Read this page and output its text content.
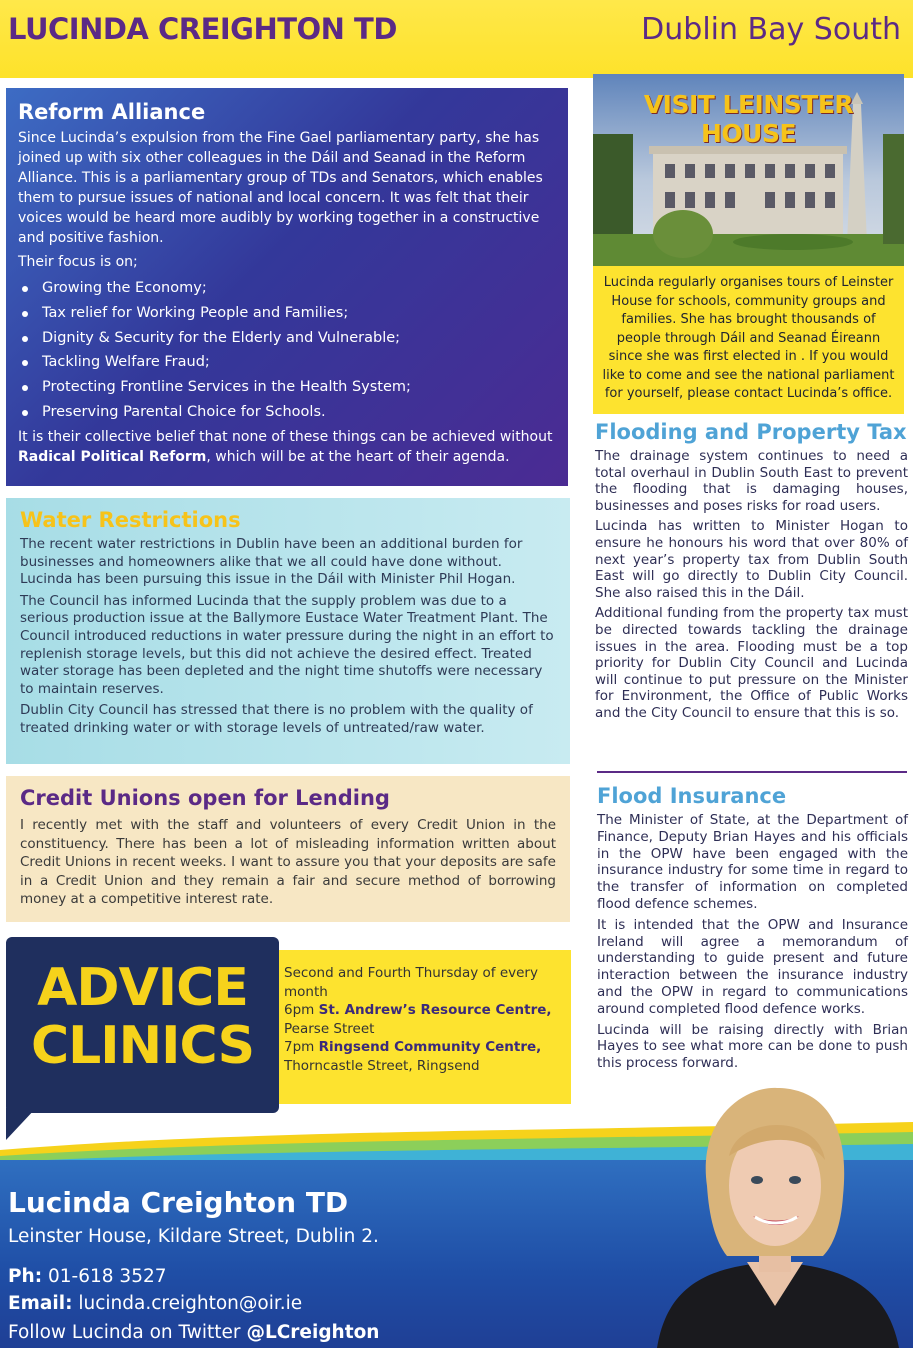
LUCINDA CREIGHTON TD	Dublin Bay South
Reform Alliance

Since Lucinda’s expulsion from the Fine Gael parliamentary party, she has joined up with six other colleagues in the Dáil and Seanad in the Reform Alliance. This is a parliamentary group of TDs and Senators, which enables them to pursue issues of national and local concern. It was felt that their voices would be heard more audibly by working together in a constructive and positive fashion.

Their focus is on;

Growing the Economy;
Tax relief for Working People and Families;
Dignity & Security for the Elderly and Vulnerable;
Tackling Welfare Fraud;
Protecting Frontline Services in the Health System;
Preserving Parental Choice for Schools.

It is their collective belief that none of these things can be achieved without Radical Political Reform, which will be at the heart of their agenda.

Water Restrictions

The recent water restrictions in Dublin have been an additional burden for businesses and homeowners alike that we all could have done without. Lucinda has been pursuing this issue in the Dáil with Minister Phil Hogan.

The Council has informed Lucinda that the supply problem was due to a serious production issue at the Ballymore Eustace Water Treatment Plant. The Council introduced reductions in water pressure during the night in an effort to replenish storage levels, but this did not achieve the desired effect. Treated water storage has been depleted and the night time shutoffs were necessary to maintain reserves.

Dublin City Council has stressed that there is no problem with the quality of treated drinking water or with storage levels of untreated/raw water.

Credit Unions open for Lending

I recently met with the staff and volunteers of every Credit Union in the constituency. There has been a lot of misleading information written about Credit Unions in recent weeks. I want to assure you that your deposits are safe in a Credit Union and they remain a fair and secure method of borrowing money at a competitive interest rate.

Second and Fourth Thursday of every month
6pm St. Andrew’s Resource Centre,
Pearse Street
7pm Ringsend Community Centre,
Thorncastle Street, Ringsend
ADVICE
CLINICS
VISIT LEINSTER HOUSE
Lucinda regularly organises tours of Leinster House for schools, community groups and families. She has brought thousands of people through Dáil and Seanad Éireann since she was first elected in . If you would like to come and see the national parliament for yourself, please contact Lucinda’s office.
Flooding and Property Tax

The drainage system continues to need a total overhaul in Dublin South East to prevent the flooding that is damaging houses, businesses and poses risks for road users.

Lucinda has written to Minister Hogan to ensure he honours his word that over 80% of next year’s property tax from Dublin South East will go directly to Dublin City Council. She also raised this in the Dáil.

Additional funding from the property tax must be directed towards tackling the drainage issues in the area. Flooding must be a top priority for Dublin City Council and Lucinda will continue to put pressure on the Minister for Environment, the Office of Public Works and the City Council to ensure that this is so.

Flood Insurance

The Minister of State, at the Department of Finance, Deputy Brian Hayes and his officials in the OPW have been engaged with the insurance industry for some time in regard to the transfer of information on completed flood defence schemes.

It is intended that the OPW and Insurance Ireland will agree a memorandum of understanding to guide present and future interaction between the insurance industry and the OPW in regard to communications around completed flood defence works.

Lucinda will be raising directly with Brian Hayes to see what more can be done to push this process forward.

Lucinda Creighton TD
Leinster House, Kildare Street, Dublin 2.
Ph: 01-618 3527
Email: lucinda.creighton@oir.ie
Follow Lucinda on Twitter @LCreighton
